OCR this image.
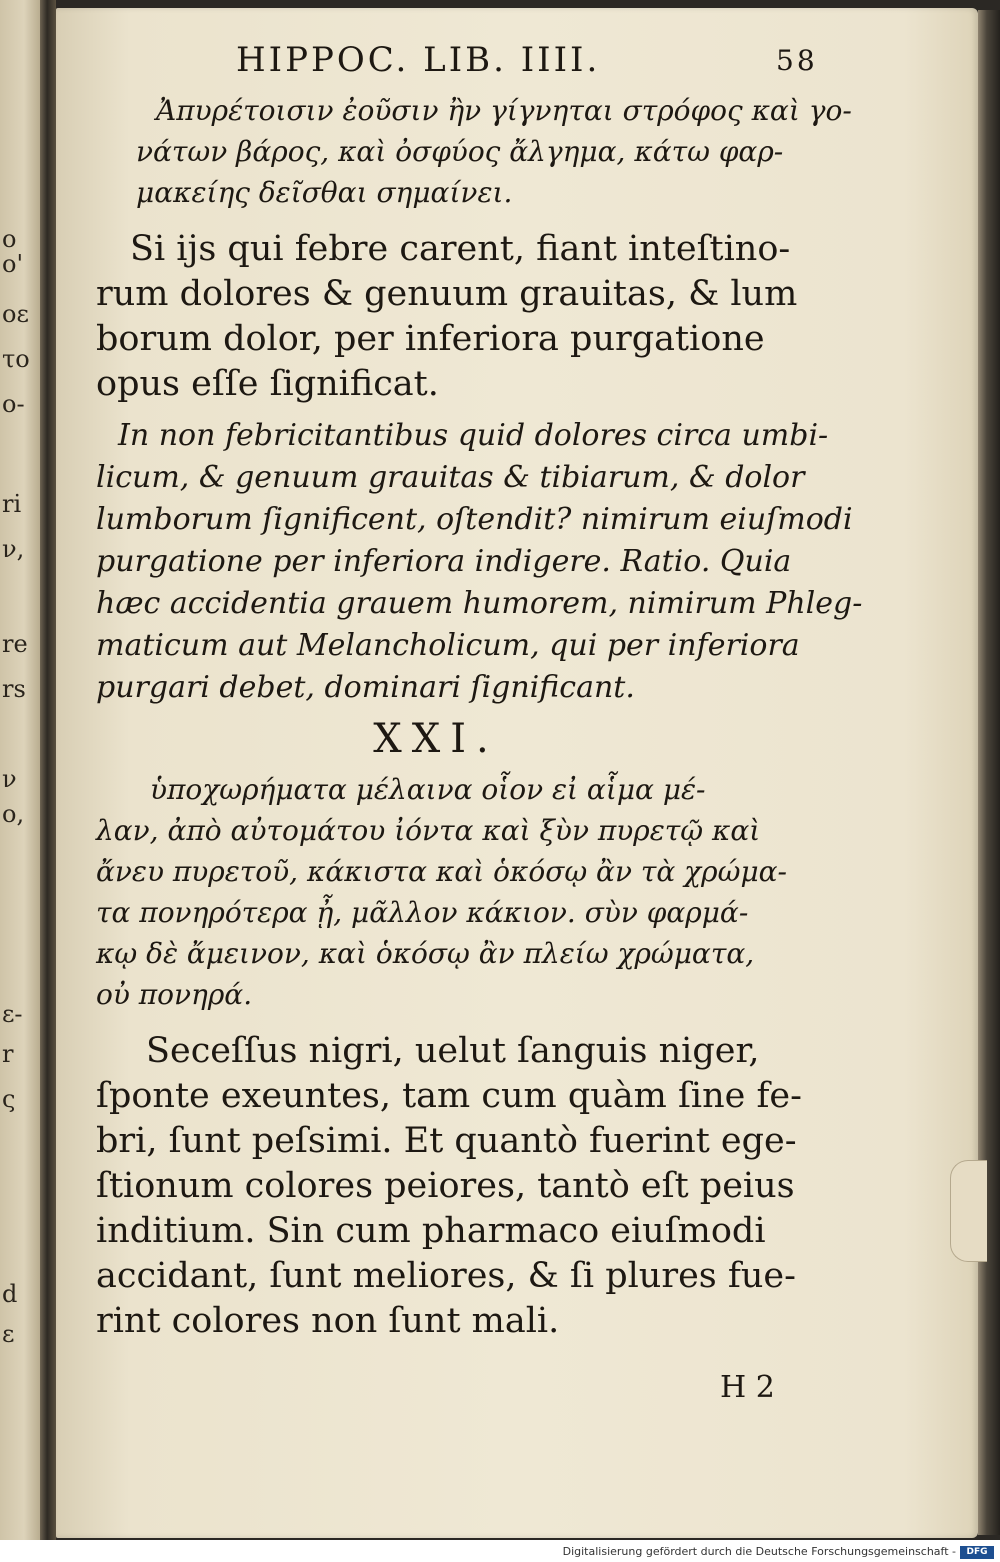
ο
ο'
οε
το
ο-
ri
ν,
re
rs
ν
ο,
ε-
r
ς
d
ε
HIPPOC. LIB. IIII.	58
Ἀπυρέτοισιν ἐοῦσιν ἢν γίγνηται στρόφος καὶ γο-
νάτων βάρος, καὶ ὀσφύος ἄλγημα, κάτω φαρ-
μακείης δεῖσθαι σημαίνει.
Si ijs qui febre carent, fiant inteſtino-
rum dolores & genuum grauitas, & lum
borum dolor, per inferiora purgatione
opus eſſe ſignificat.
In non febricitantibus quid dolores circa umbi-
licum, & genuum grauitas & tibiarum, & dolor
lumborum ſignificent, oſtendit? nimirum eiuſmodi
purgatione per inferiora indigere. Ratio. Quia
hæc accidentia grauem humorem, nimirum Phleg-
maticum aut Melancholicum, qui per inferiora
purgari debet, dominari ſignificant.
XXI.
ὑποχωρήματα μέλαινα οἷον εἰ αἷμα μέ-
λαν, ἀπὸ αὐτομάτου ἰόντα καὶ ξὺν πυρετῷ καὶ
ἄνευ πυρετοῦ, κάκιστα καὶ ὁκόσῳ ἂν τὰ χρώμα-
τα πονηρότερα ᾖ, μᾶλλον κάκιον. σὺν φαρμά-
κῳ δὲ ἄμεινον, καὶ ὁκόσῳ ἂν πλείω χρώματα,
οὐ πονηρά.
Seceſſus nigri, uelut ſanguis niger,
ſponte exeuntes, tam cum quàm ſine fe-
bri, ſunt peſsimi. Et quantò fuerint ege-
ſtionum colores peiores, tantò eſt peius
inditium. Sin cum pharmaco eiuſmodi
accidant, ſunt meliores, & ſi plures fue-
rint colores non ſunt mali.
H 2
Digitalisierung gefördert durch die Deutsche Forschungsgemeinschaft - DFG
